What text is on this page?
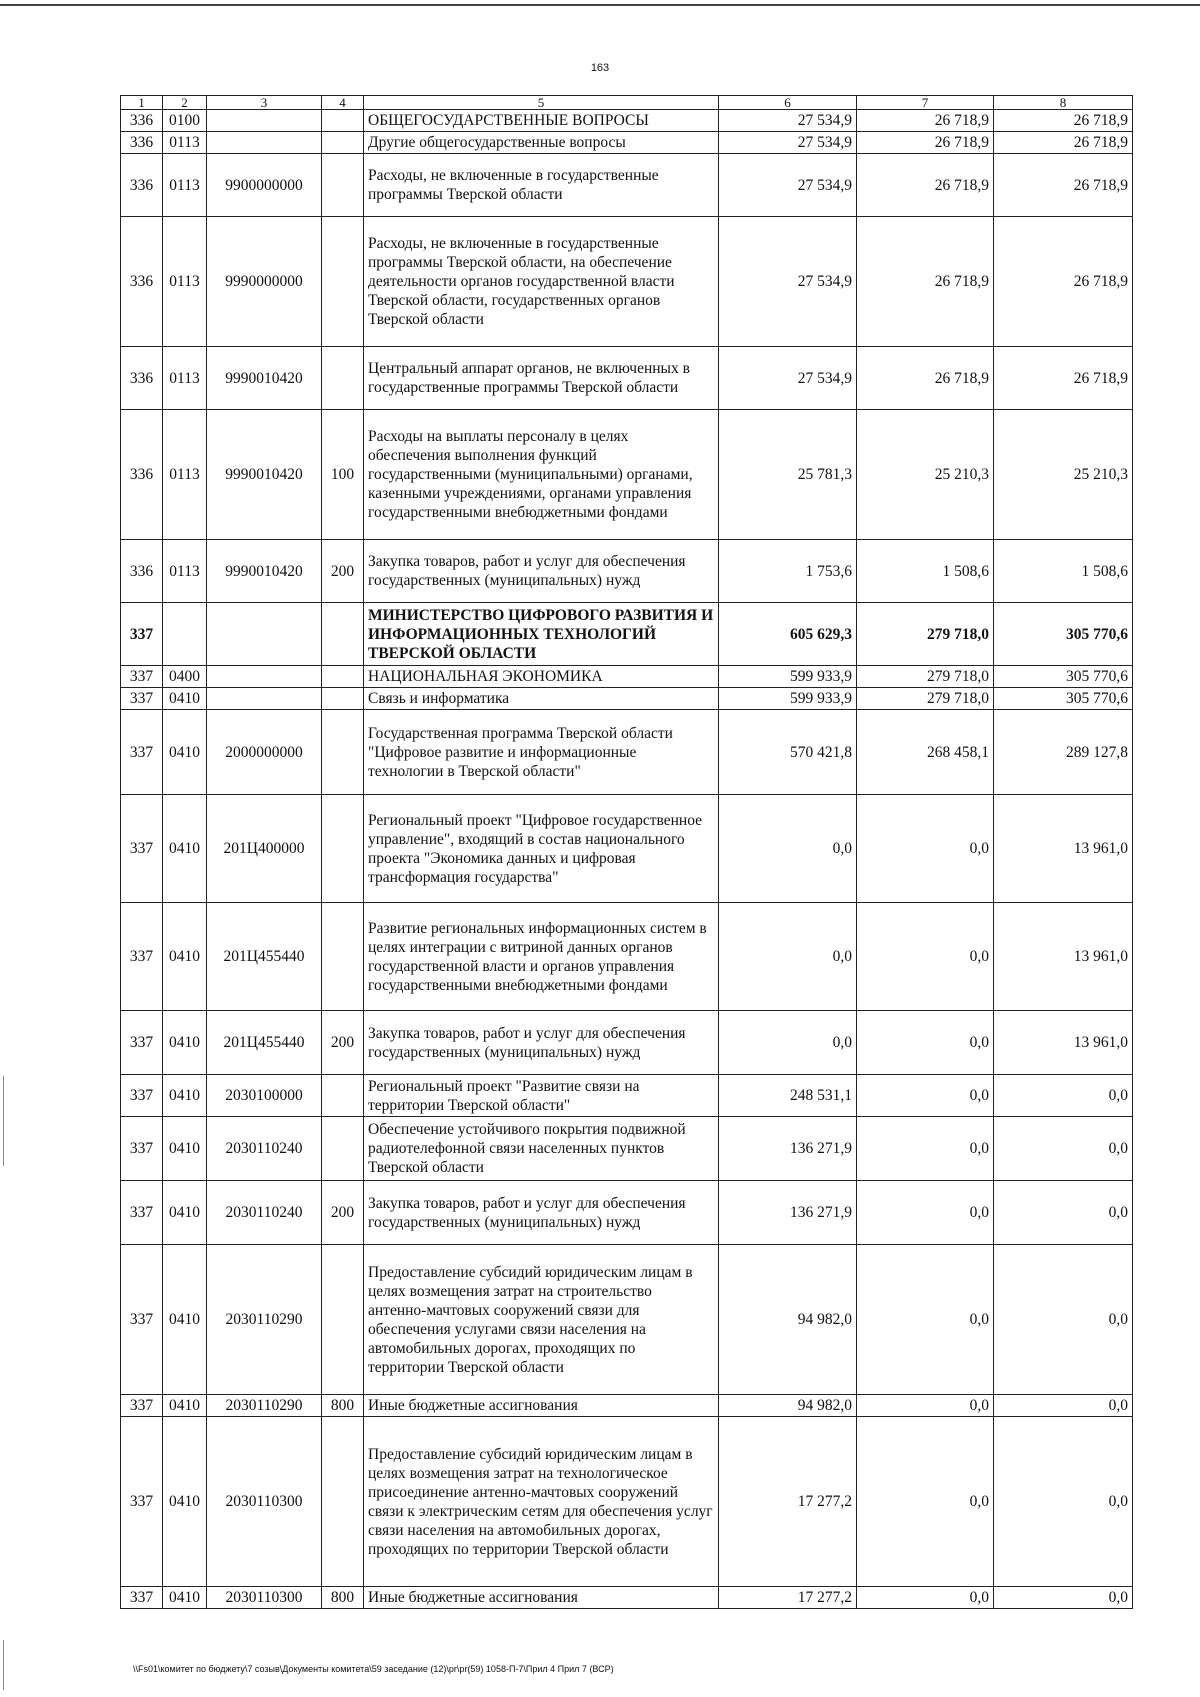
163
1	2	3	4	5	6	7	8
336	0100			ОБЩЕГОСУДАРСТВЕННЫЕ ВОПРОСЫ	27 534,9	26 718,9	26 718,9
336	0113			Другие общегосударственные вопросы	27 534,9	26 718,9	26 718,9
336	0113	9900000000		Расходы, не включенные в государственные программы Тверской области	27 534,9	26 718,9	26 718,9
336	0113	9990000000		Расходы, не включенные в государственные программы Тверской области, на обеспечение деятельности органов государственной власти Тверской области, государственных органов Тверской области	27 534,9	26 718,9	26 718,9
336	0113	9990010420		Центральный аппарат органов, не включенных в государственные программы Тверской области	27 534,9	26 718,9	26 718,9
336	0113	9990010420	100	Расходы на выплаты персоналу в целях обеспечения выполнения функций государственными (муниципальными) органами, казенными учреждениями, органами управления государственными внебюджетными фондами	25 781,3	25 210,3	25 210,3
336	0113	9990010420	200	Закупка товаров, работ и услуг для обеспечения государственных (муниципальных) нужд	1 753,6	1 508,6	1 508,6
337				МИНИСТЕРСТВО ЦИФРОВОГО РАЗВИТИЯ И ИНФОРМАЦИОННЫХ ТЕХНОЛОГИЙ ТВЕРСКОЙ ОБЛАСТИ	605 629,3	279 718,0	305 770,6
337	0400			НАЦИОНАЛЬНАЯ ЭКОНОМИКА	599 933,9	279 718,0	305 770,6
337	0410			Связь и информатика	599 933,9	279 718,0	305 770,6
337	0410	2000000000		Государственная программа Тверской области "Цифровое развитие и информационные технологии в Тверской области"	570 421,8	268 458,1	289 127,8
337	0410	201Ц400000		Региональный проект "Цифровое государственное управление", входящий в состав национального проекта "Экономика данных и цифровая трансформация государства"	0,0	0,0	13 961,0
337	0410	201Ц455440		Развитие региональных информационных систем в целях интеграции с витриной данных органов государственной власти и органов управления государственными внебюджетными фондами	0,0	0,0	13 961,0
337	0410	201Ц455440	200	Закупка товаров, работ и услуг для обеспечения государственных (муниципальных) нужд	0,0	0,0	13 961,0
337	0410	2030100000		Региональный проект "Развитие связи на территории Тверской области"	248 531,1	0,0	0,0
337	0410	2030110240		Обеспечение устойчивого покрытия подвижной радиотелефонной связи населенных пунктов Тверской области	136 271,9	0,0	0,0
337	0410	2030110240	200	Закупка товаров, работ и услуг для обеспечения государственных (муниципальных) нужд	136 271,9	0,0	0,0
337	0410	2030110290		Предоставление субсидий юридическим лицам в целях возмещения затрат на строительство антенно-мачтовых сооружений связи для обеспечения услугами связи населения на автомобильных дорогах, проходящих по территории Тверской области	94 982,0	0,0	0,0
337	0410	2030110290	800	Иные бюджетные ассигнования	94 982,0	0,0	0,0
337	0410	2030110300		Предоставление субсидий юридическим лицам в целях возмещения затрат на технологическое присоединение антенно-мачтовых сооружений связи к электрическим сетям для обеспечения услуг связи населения на автомобильных дорогах, проходящих по территории Тверской области	17 277,2	0,0	0,0
337	0410	2030110300	800	Иные бюджетные ассигнования	17 277,2	0,0	0,0
\\Fs01\комитет по бюджету\7 созыв\Документы комитета\59 заседание (12)\pr\pr(59) 1058-П-7\Прил 4 Прил 7 (ВСР)
